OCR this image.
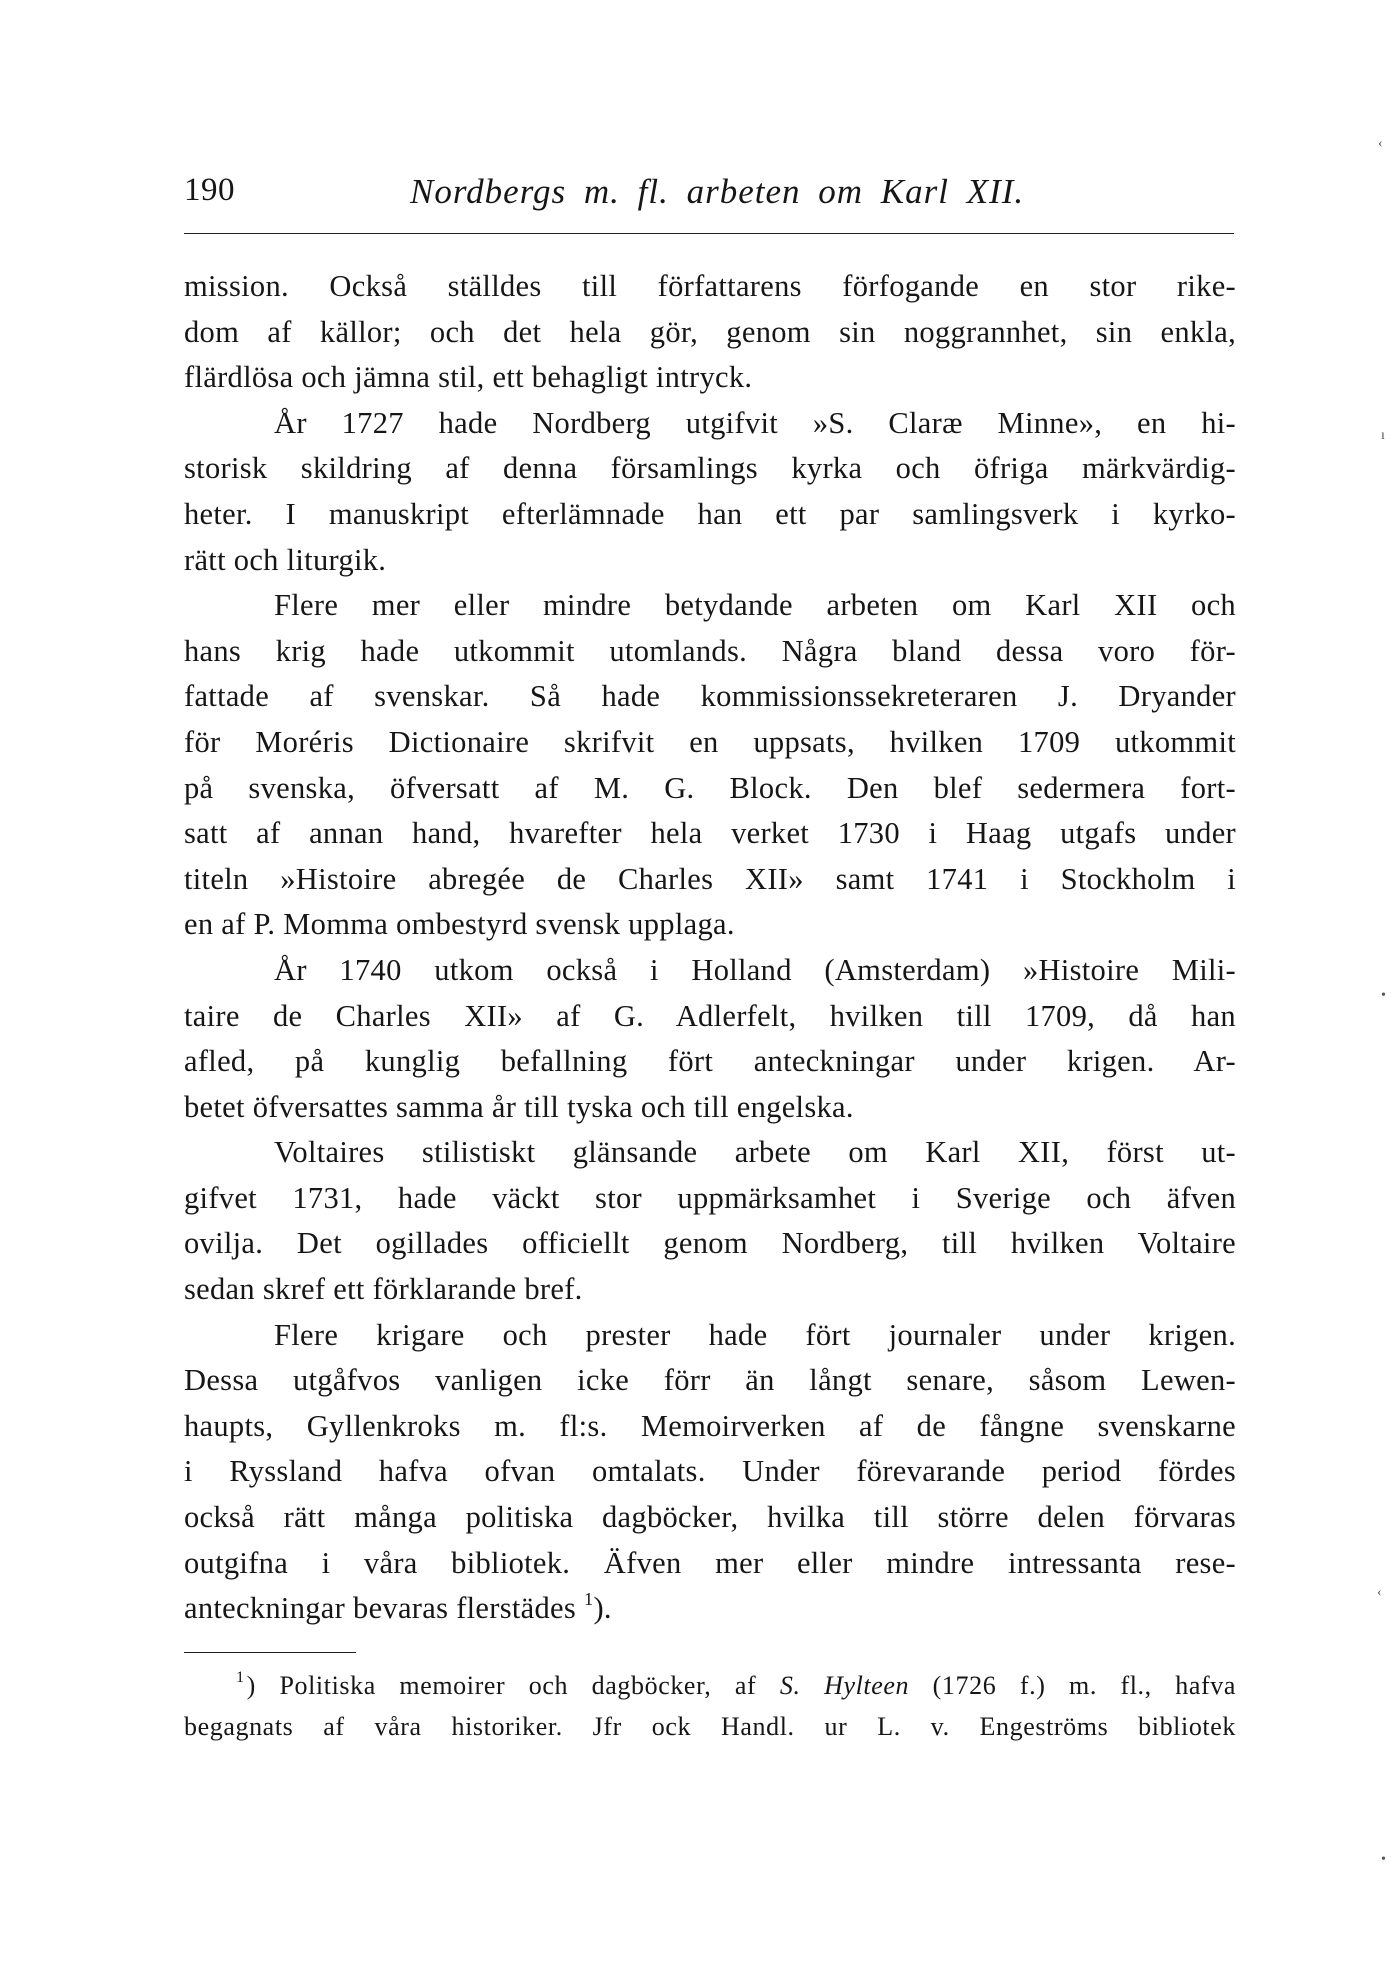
190	Nordbergs m. fl. arbeten om Karl XII.
mission. Också ställdes till författarens förfogande en stor rike-
dom af källor; och det hela gör, genom sin noggrannhet, sin enkla,
flärdlösa och jämna stil, ett behagligt intryck.
År 1727 hade Nordberg utgifvit »S. Claræ Minne», en hi-
storisk skildring af denna församlings kyrka och öfriga märkvärdig-
heter. I manuskript efterlämnade han ett par samlingsverk i kyrko-
rätt och liturgik.
Flere mer eller mindre betydande arbeten om Karl XII och
hans krig hade utkommit utomlands. Några bland dessa voro för-
fattade af svenskar. Så hade kommissionssekreteraren J. Dryander
för Moréris Dictionaire skrifvit en uppsats, hvilken 1709 utkommit
på svenska, öfversatt af M. G. Block. Den blef sedermera fort-
satt af annan hand, hvarefter hela verket 1730 i Haag utgafs under
titeln »Histoire abregée de Charles XII» samt 1741 i Stockholm i
en af P. Momma ombestyrd svensk upplaga.
År 1740 utkom också i Holland (Amsterdam) »Histoire Mili-
taire de Charles XII» af G. Adlerfelt, hvilken till 1709, då han
afled, på kunglig befallning fört anteckningar under krigen. Ar-
betet öfversattes samma år till tyska och till engelska.
Voltaires stilistiskt glänsande arbete om Karl XII, först ut-
gifvet 1731, hade väckt stor uppmärksamhet i Sverige och äfven
ovilja. Det ogillades officiellt genom Nordberg, till hvilken Voltaire
sedan skref ett förklarande bref.
Flere krigare och prester hade fört journaler under krigen.
Dessa utgåfvos vanligen icke förr än långt senare, såsom Lewen-
haupts, Gyllenkroks m. fl:s. Memoirverken af de fångne svenskarne
i Ryssland hafva ofvan omtalats. Under förevarande period fördes
också rätt många politiska dagböcker, hvilka till större delen förvaras
outgifna i våra bibliotek. Äfven mer eller mindre intressanta rese-
anteckningar bevaras flerstädes $^1$).
$^1$) Politiska memoirer och dagböcker, af S. Hylteen (1726 f.) m. fl., hafva
begagnats af våra historiker. Jfr ock Handl. ur L. v. Engeströms bibliotek
‹
ı
•
‹
•
